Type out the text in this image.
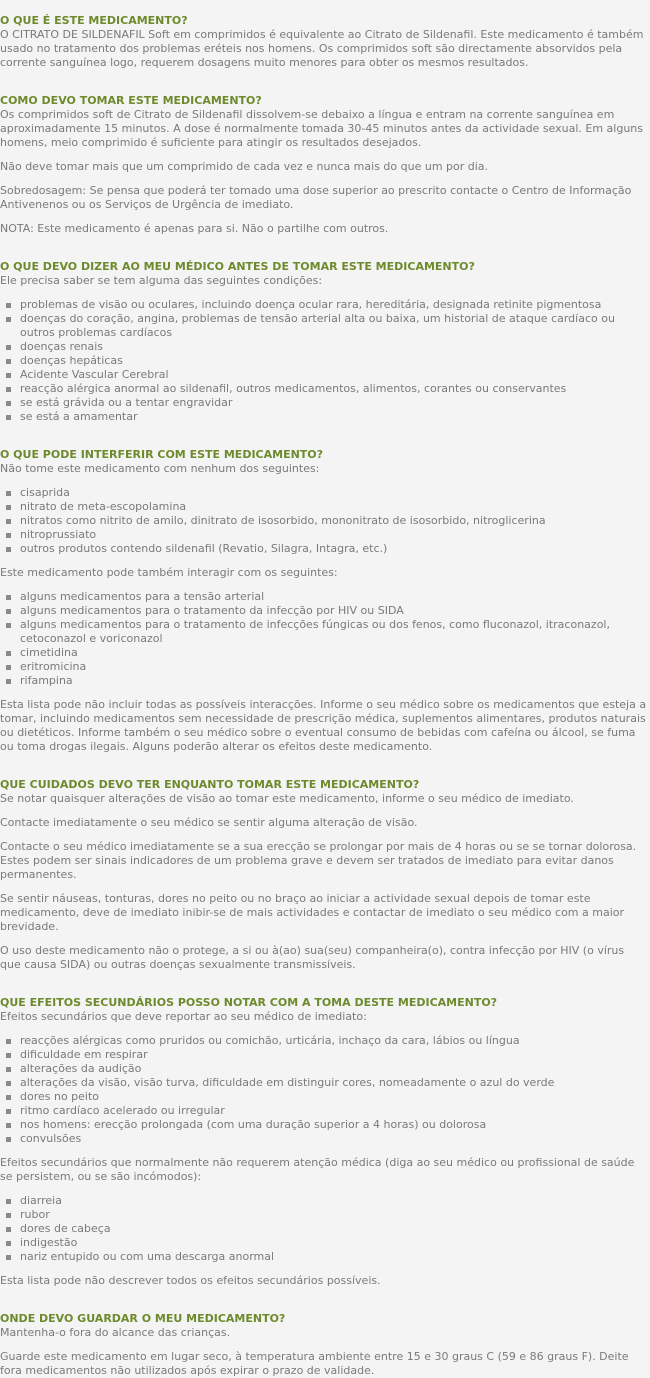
O QUE É ESTE MEDICAMENTO?

O CITRATO DE SILDENAFIL Soft em comprimidos é equivalente ao Citrato de Sildenafil. Este medicamento é também usado no tratamento dos problemas eréteis nos homens. Os comprimidos soft são directamente absorvidos pela corrente sanguínea logo, requerem dosagens muito menores para obter os mesmos resultados.

COMO DEVO TOMAR ESTE MEDICAMENTO?

Os comprimidos soft de Citrato de Sildenafil dissolvem-se debaixo a língua e entram na corrente sanguínea em aproximadamente 15 minutos. A dose é normalmente tomada 30-45 minutos antes da actividade sexual. Em alguns homens, meio comprimido é suficiente para atingir os resultados desejados.

Não deve tomar mais que um comprimido de cada vez e nunca mais do que um por dia.

Sobredosagem: Se pensa que poderá ter tomado uma dose superior ao prescrito contacte o Centro de Informação Antivenenos ou os Serviços de Urgência de imediato.

NOTA: Este medicamento é apenas para si. Não o partilhe com outros.

O QUE DEVO DIZER AO MEU MÉDICO ANTES DE TOMAR ESTE MEDICAMENTO?

Ele precisa saber se tem alguma das seguintes condições:

problemas de visão ou oculares, incluindo doença ocular rara, hereditária, designada retinite pigmentosa
doenças do coração, angina, problemas de tensão arterial alta ou baixa, um historial de ataque cardíaco ou outros problemas cardíacos
doenças renais
doenças hepáticas
Acidente Vascular Cerebral
reacção alérgica anormal ao sildenafil, outros medicamentos, alimentos, corantes ou conservantes
se está grávida ou a tentar engravidar
se está a amamentar
O QUE PODE INTERFERIR COM ESTE MEDICAMENTO?

Não tome este medicamento com nenhum dos seguintes:

cisaprida
nitrato de meta-escopolamina
nitratos como nitrito de amilo, dinitrato de isosorbido, mononitrato de isosorbido, nitroglicerina
nitroprussiato
outros produtos contendo sildenafil (Revatio, Silagra, Intagra, etc.)

Este medicamento pode também interagir com os seguintes:

alguns medicamentos para a tensão arterial
alguns medicamentos para o tratamento da infecção por HIV ou SIDA
alguns medicamentos para o tratamento de infecções fúngicas ou dos fenos, como fluconazol, itraconazol, cetoconazol e voriconazol
cimetidina
eritromicina
rifampina

Esta lista pode não incluir todas as possíveis interacções. Informe o seu médico sobre os medicamentos que esteja a tomar, incluindo medicamentos sem necessidade de prescrição médica, suplementos alimentares, produtos naturais ou dietéticos. Informe também o seu médico sobre o eventual consumo de bebidas com cafeína ou álcool, se fuma ou toma drogas ilegais. Alguns poderão alterar os efeitos deste medicamento.

QUE CUIDADOS DEVO TER ENQUANTO TOMAR ESTE MEDICAMENTO?

Se notar quaisquer alterações de visão ao tomar este medicamento, informe o seu médico de imediato.

Contacte imediatamente o seu médico se sentir alguma alteração de visão.

Contacte o seu médico imediatamente se a sua erecção se prolongar por mais de 4 horas ou se se tornar dolorosa. Estes podem ser sinais indicadores de um problema grave e devem ser tratados de imediato para evitar danos permanentes.

Se sentir náuseas, tonturas, dores no peito ou no braço ao iniciar a actividade sexual depois de tomar este medicamento, deve de imediato inibir-se de mais actividades e contactar de imediato o seu médico com a maior brevidade.

O uso deste medicamento não o protege, a si ou à(ao) sua(seu) companheira(o), contra infecção por HIV (o vírus que causa SIDA) ou outras doenças sexualmente transmissíveis.

QUE EFEITOS SECUNDÁRIOS POSSO NOTAR COM A TOMA DESTE MEDICAMENTO?

Efeitos secundários que deve reportar ao seu médico de imediato:

reacções alérgicas como pruridos ou comichão, urticária, inchaço da cara, lábios ou língua
dificuldade em respirar
alterações da audição
alterações da visão, visão turva, dificuldade em distinguir cores, nomeadamente o azul do verde
dores no peito
ritmo cardíaco acelerado ou irregular
nos homens: erecção prolongada (com uma duração superior a 4 horas) ou dolorosa
convulsões

Efeitos secundários que normalmente não requerem atenção médica (diga ao seu médico ou profissional de saúde se persistem, ou se são incómodos):

diarreia
rubor
dores de cabeça
indigestão
nariz entupido ou com uma descarga anormal

Esta lista pode não descrever todos os efeitos secundários possíveis.

ONDE DEVO GUARDAR O MEU MEDICAMENTO?

Mantenha-o fora do alcance das crianças.

Guarde este medicamento em lugar seco, à temperatura ambiente entre 15 e 30 graus C (59 e 86 graus F). Deite fora medicamentos não utilizados após expirar o prazo de validade.
